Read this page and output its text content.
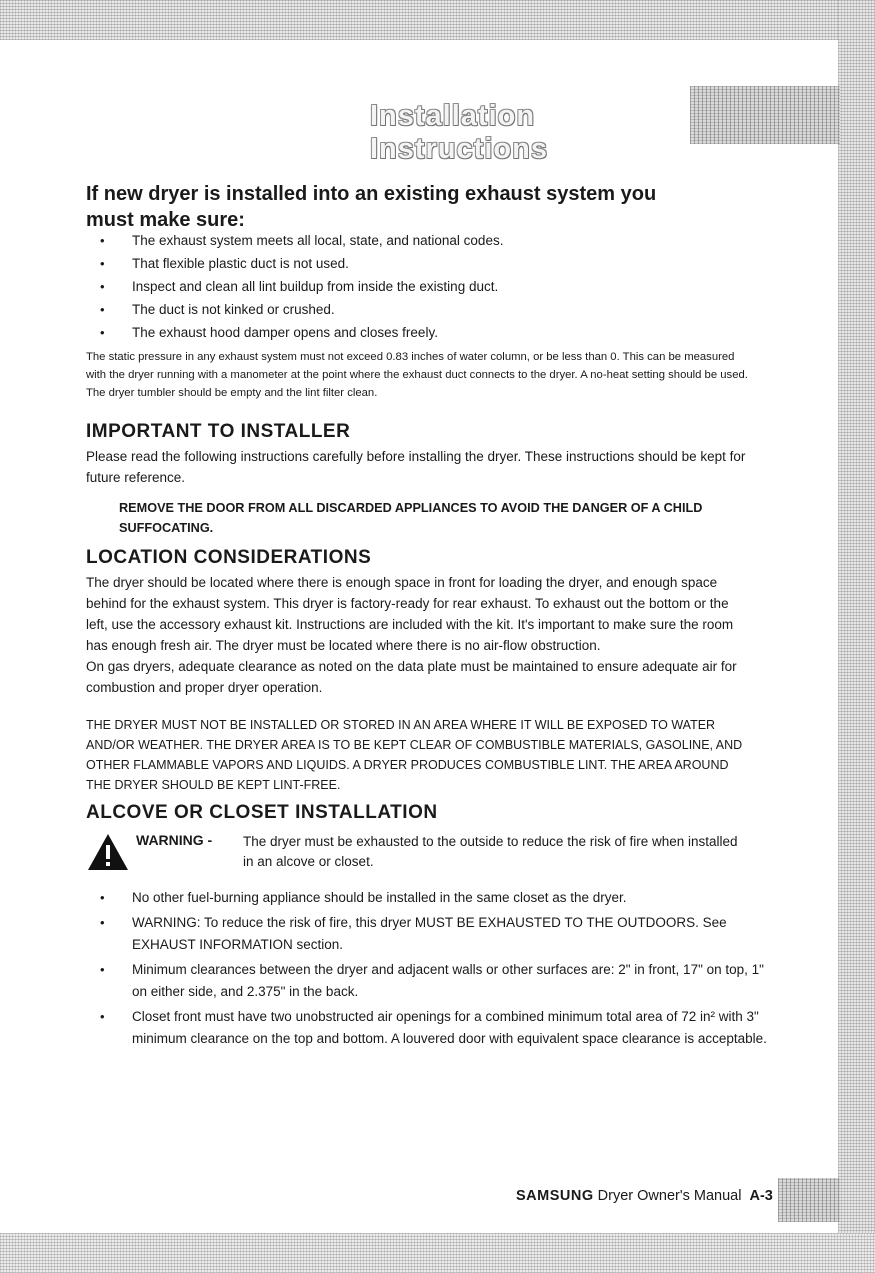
Installation Instructions
If new dryer is installed into an existing exhaust system you
must make sure:
• The exhaust system meets all local, state, and national codes.
• That flexible plastic duct is not used.
• Inspect and clean all lint buildup from inside the existing duct.
• The duct is not kinked or crushed.
• The exhaust hood damper opens and closes freely.

The static pressure in any exhaust system must not exceed 0.83 inches of water column, or be less than 0. This can be measured with the dryer running with a manometer at the point where the exhaust duct connects to the dryer. A no-heat setting should be used. The dryer tumbler should be empty and the lint filter clean.

IMPORTANT TO INSTALLER

Please read the following instructions carefully before installing the dryer. These instructions should be kept for future reference.

REMOVE THE DOOR FROM ALL DISCARDED APPLIANCES TO AVOID THE DANGER OF A CHILD SUFFOCATING.

LOCATION CONSIDERATIONS

The dryer should be located where there is enough space in front for loading the dryer, and enough space behind for the exhaust system. This dryer is factory-ready for rear exhaust. To exhaust out the bottom or the left, use the accessory exhaust kit. Instructions are included with the kit. It's important to make sure the room has enough fresh air. The dryer must be located where there is no air-flow obstruction.

On gas dryers, adequate clearance as noted on the data plate must be maintained to ensure adequate air for combustion and proper dryer operation.

THE DRYER MUST NOT BE INSTALLED OR STORED IN AN AREA WHERE IT WILL BE EXPOSED TO WATER AND/OR WEATHER. THE DRYER AREA IS TO BE KEPT CLEAR OF COMBUSTIBLE MATERIALS, GASOLINE, AND OTHER FLAMMABLE VAPORS AND LIQUIDS. A DRYER PRODUCES COMBUSTIBLE LINT. THE AREA AROUND THE DRYER SHOULD BE KEPT LINT-FREE.

ALCOVE OR CLOSET INSTALLATION
WARNING - The dryer must be exhausted to the outside to reduce the risk of fire when installed in an alcove or closet.

• No other fuel-burning appliance should be installed in the same closet as the dryer.
• WARNING: To reduce the risk of fire, this dryer MUST BE EXHAUSTED TO THE OUTDOORS. See EXHAUST INFORMATION section.
• Minimum clearances between the dryer and adjacent walls or other surfaces are: 2" in front, 17" on top, 1" on either side, and 2.375" in the back.
• Closet front must have two unobstructed air openings for a combined minimum total area of 72 in² with 3" minimum clearance on the top and bottom. A louvered door with equivalent space clearance is acceptable.
SAMSUNG Dryer Owner's Manual A-3
